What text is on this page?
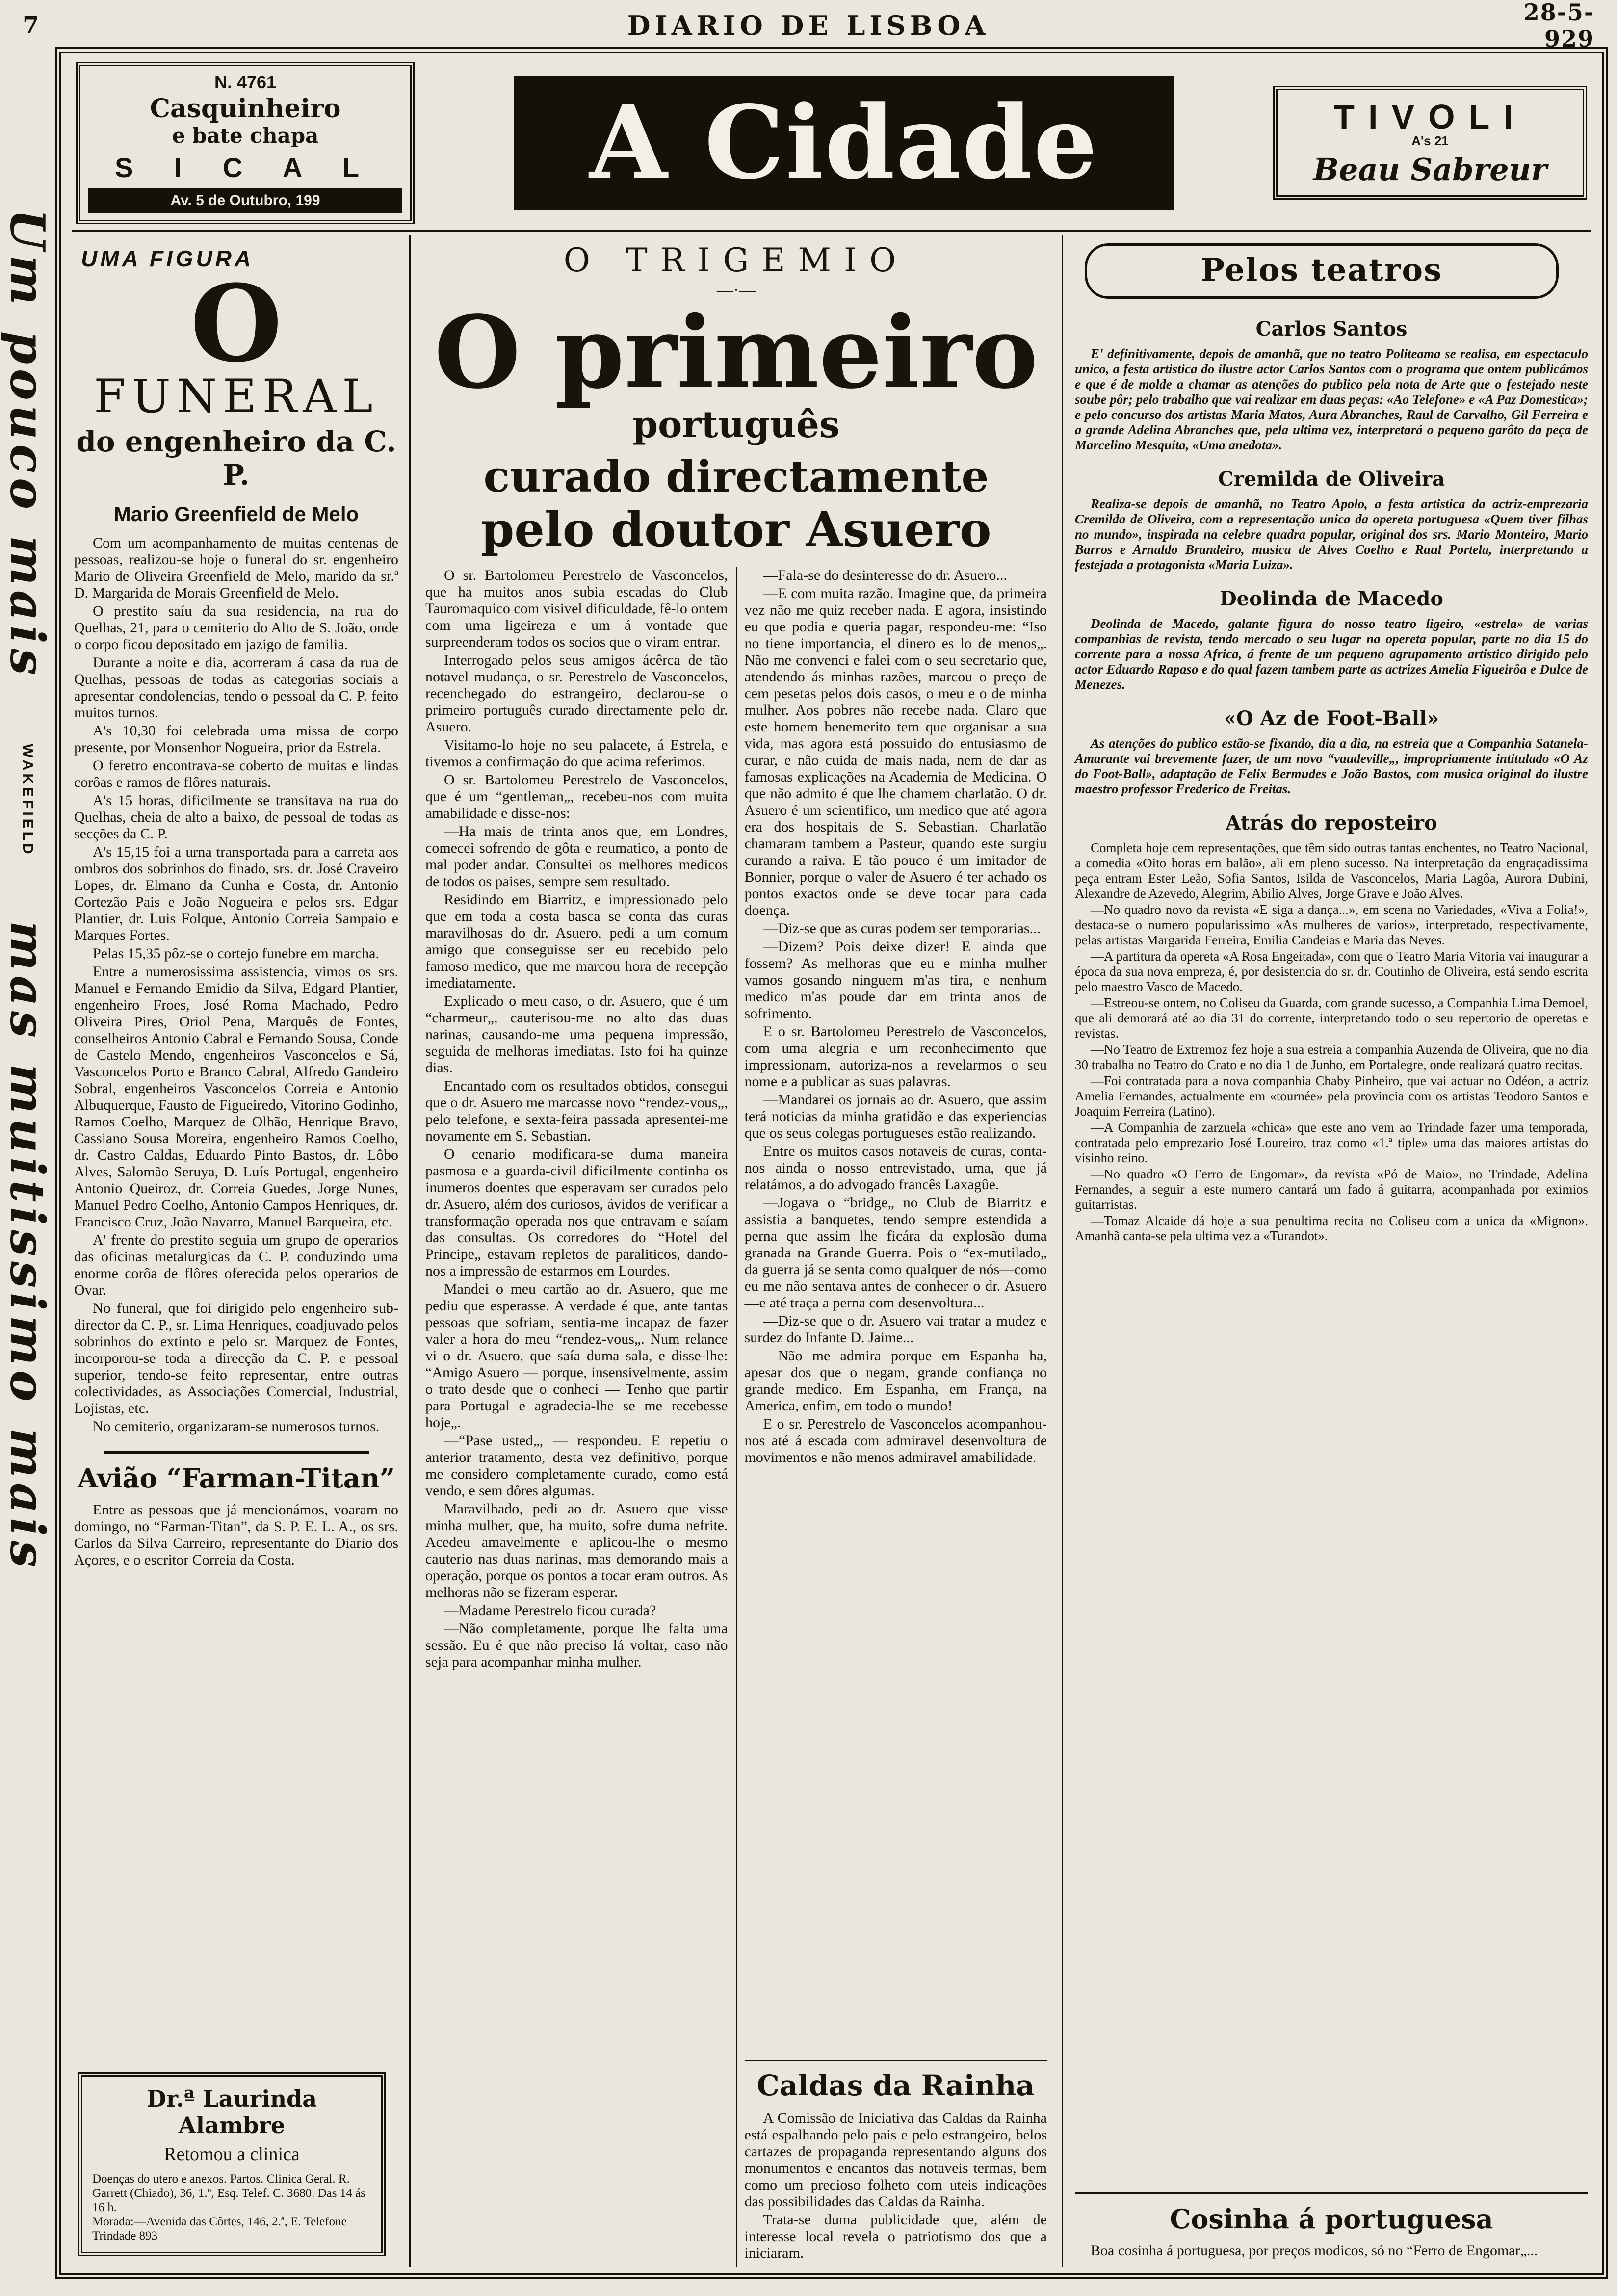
7	DIARIO DE LISBOA	28-5-929
Um pouco mais
WAKEFIELD
mas muitissimo mais
N. 4761
Casquinheiro
e bate chapa
S I C A L
Av. 5 de Outubro, 199	A Cidade	TIVOLI
A's 21
Beau Sabreur
UMA FIGURA
O
FUNERAL
do engenheiro da C. P.
Mario Greenfield de Melo

Com um acompanhamento de muitas centenas de pessoas, realizou-se hoje o funeral do sr. engenheiro Mario de Oliveira Greenfield de Melo, marido da sr.ª D. Margarida de Morais Greenfield de Melo.

O prestito saíu da sua residencia, na rua do Quelhas, 21, para o cemiterio do Alto de S. João, onde o corpo ficou depositado em jazigo de familia.

Durante a noite e dia, acorreram á casa da rua de Quelhas, pessoas de todas as categorias sociais a apresentar condolencias, tendo o pessoal da C. P. feito muitos turnos.

A's 10,30 foi celebrada uma missa de corpo presente, por Monsenhor Nogueira, prior da Estrela.

O feretro encontrava-se coberto de muitas e lindas corôas e ramos de flôres naturais.

A's 15 horas, dificilmente se transitava na rua do Quelhas, cheia de alto a baixo, de pessoal de todas as secções da C. P.

A's 15,15 foi a urna transportada para a carreta aos ombros dos sobrinhos do finado, srs. dr. José Craveiro Lopes, dr. Elmano da Cunha e Costa, dr. Antonio Cortezão Pais e João Nogueira e pelos srs. Edgar Plantier, dr. Luis Folque, Antonio Correia Sampaio e Marques Fortes.

Pelas 15,35 pôz-se o cortejo funebre em marcha.

Entre a numerosissima assistencia, vimos os srs. Manuel e Fernando Emidio da Silva, Edgard Plantier, engenheiro Froes, José Roma Machado, Pedro Oliveira Pires, Oriol Pena, Marquês de Fontes, conselheiros Antonio Cabral e Fernando Sousa, Conde de Castelo Mendo, engenheiros Vasconcelos e Sá, Vasconcelos Porto e Branco Cabral, Alfredo Gandeiro Sobral, engenheiros Vasconcelos Correia e Antonio Albuquerque, Fausto de Figueiredo, Vitorino Godinho, Ramos Coelho, Marquez de Olhão, Henrique Bravo, Cassiano Sousa Moreira, engenheiro Ramos Coelho, dr. Castro Caldas, Eduardo Pinto Bastos, dr. Lôbo Alves, Salomão Seruya, D. Luís Portugal, engenheiro Antonio Queiroz, dr. Correia Guedes, Jorge Nunes, Manuel Pedro Coelho, Antonio Campos Henriques, dr. Francisco Cruz, João Navarro, Manuel Barqueira, etc.

A' frente do prestito seguia um grupo de operarios das oficinas metalurgicas da C. P. conduzindo uma enorme corôa de flôres oferecida pelos operarios de Ovar.

No funeral, que foi dirigido pelo engenheiro sub-director da C. P., sr. Lima Henriques, coadjuvado pelos sobrinhos do extinto e pelo sr. Marquez de Fontes, incorporou-se toda a direcção da C. P. e pessoal superior, tendo-se feito representar, entre outras colectividades, as Associações Comercial, Industrial, Lojistas, etc.

No cemiterio, organizaram-se numerosos turnos.

Avião “Farman-Titan”

Entre as pessoas que já mencionámos, voaram no domingo, no “Farman-Titan”, da S. P. E. L. A., os srs. Carlos da Silva Carreiro, representante do Diario dos Açores, e o escritor Correia da Costa.

Dr.ª Laurinda Alambre
Retomou a clinica

Doenças do utero e anexos. Partos. Clinica Geral. R. Garrett (Chiado), 36, 1.º, Esq. Telef. C. 3680. Das 14 ás 16 h.

Morada:—Avenida das Côrtes, 146, 2.ª, E. Telefone Trindade 893

O TRIGEMIO
—·—
O primeiro
português
curado directamente
pelo doutor Asuero

O sr. Bartolomeu Perestrelo de Vasconcelos, que ha muitos anos subia escadas do Club Tauromaquico com visivel dificuldade, fê-lo ontem com uma ligeireza e um á vontade que surpreenderam todos os socios que o viram entrar.

Interrogado pelos seus amigos ácêrca de tão notavel mudança, o sr. Perestrelo de Vasconcelos, recenchegado do estrangeiro, declarou-se o primeiro português curado directamente pelo dr. Asuero.

Visitamo-lo hoje no seu palacete, á Estrela, e tivemos a confirmação do que acima referimos.

O sr. Bartolomeu Perestrelo de Vasconcelos, que é um “gentleman„, recebeu-nos com muita amabilidade e disse-nos:

—Ha mais de trinta anos que, em Londres, comecei sofrendo de gôta e reumatico, a ponto de mal poder andar. Consultei os melhores medicos de todos os paises, sempre sem resultado.

Residindo em Biarritz, e impressionado pelo que em toda a costa basca se conta das curas maravilhosas do dr. Asuero, pedi a um comum amigo que conseguisse ser eu recebido pelo famoso medico, que me marcou hora de recepção imediatamente.

Explicado o meu caso, o dr. Asuero, que é um “charmeur„, cauterisou-me no alto das duas narinas, causando-me uma pequena impressão, seguida de melhoras imediatas. Isto foi ha quinze dias.

Encantado com os resultados obtidos, consegui que o dr. Asuero me marcasse novo “rendez-vous„, pelo telefone, e sexta-feira passada apresentei-me novamente em S. Sebastian.

O cenario modificara-se duma maneira pasmosa e a guarda-civil dificilmente continha os inumeros doentes que esperavam ser curados pelo dr. Asuero, além dos curiosos, ávidos de verificar a transformação operada nos que entravam e saíam das consultas. Os corredores do “Hotel del Principe„ estavam repletos de paraliticos, dando-nos a impressão de estarmos em Lourdes.

Mandei o meu cartão ao dr. Asuero, que me pediu que esperasse. A verdade é que, ante tantas pessoas que sofriam, sentia-me incapaz de fazer valer a hora do meu “rendez-vous„. Num relance vi o dr. Asuero, que saía duma sala, e disse-lhe: “Amigo Asuero — porque, insensivelmente, assim o trato desde que o conheci — Tenho que partir para Portugal e agradecia-lhe se me recebesse hoje„.

—“Pase usted„, — respondeu. E repetiu o anterior tratamento, desta vez definitivo, porque me considero completamente curado, como está vendo, e sem dôres algumas.

Maravilhado, pedi ao dr. Asuero que visse minha mulher, que, ha muito, sofre duma nefrite. Acedeu amavelmente e aplicou-lhe o mesmo cauterio nas duas narinas, mas demorando mais a operação, porque os pontos a tocar eram outros. As melhoras não se fizeram esperar.

—Madame Perestrelo ficou curada?

—Não completamente, porque lhe falta uma sessão. Eu é que não preciso lá voltar, caso não seja para acompanhar minha mulher.

—Fala-se do desinteresse do dr. Asuero...

—E com muita razão. Imagine que, da primeira vez não me quiz receber nada. E agora, insistindo eu que podia e queria pagar, respondeu-me: “Iso no tiene importancia, el dinero es lo de menos„. Não me convenci e falei com o seu secretario que, atendendo ás minhas razões, marcou o preço de cem pesetas pelos dois casos, o meu e o de minha mulher. Aos pobres não recebe nada. Claro que este homem benemerito tem que organisar a sua vida, mas agora está possuido do entusiasmo de curar, e não cuida de mais nada, nem de dar as famosas explicações na Academia de Medicina. O que não admito é que lhe chamem charlatão. O dr. Asuero é um scientifico, um medico que até agora era dos hospitais de S. Sebastian. Charlatão chamaram tambem a Pasteur, quando este surgiu curando a raiva. E tão pouco é um imitador de Bonnier, porque o valer de Asuero é ter achado os pontos exactos onde se deve tocar para cada doença.

—Diz-se que as curas podem ser temporarias...

—Dizem? Pois deixe dizer! E ainda que fossem? As melhoras que eu e minha mulher vamos gosando ninguem m'as tira, e nenhum medico m'as poude dar em trinta anos de sofrimento.

E o sr. Bartolomeu Perestrelo de Vasconcelos, com uma alegria e um reconhecimento que impressionam, autoriza-nos a revelarmos o seu nome e a publicar as suas palavras.

—Mandarei os jornais ao dr. Asuero, que assim terá noticias da minha gratidão e das experiencias que os seus colegas portugueses estão realizando.

Entre os muitos casos notaveis de curas, conta-nos ainda o nosso entrevistado, uma, que já relatámos, a do advogado francês Laxagûe.

—Jogava o “bridge„ no Club de Biarritz e assistia a banquetes, tendo sempre estendida a perna que assim lhe ficára da explosão duma granada na Grande Guerra. Pois o “ex-mutilado„ da guerra já se senta como qualquer de nós—como eu me não sentava antes de conhecer o dr. Asuero—e até traça a perna com desenvoltura...

—Diz-se que o dr. Asuero vai tratar a mudez e surdez do Infante D. Jaime...

—Não me admira porque em Espanha ha, apesar dos que o negam, grande confiança no grande medico. Em Espanha, em França, na America, enfim, em todo o mundo!

E o sr. Perestrelo de Vasconcelos acompanhou-nos até á escada com admiravel desenvoltura de movimentos e não menos admiravel amabilidade.

Caldas da Rainha

A Comissão de Iniciativa das Caldas da Rainha está espalhando pelo pais e pelo estrangeiro, belos cartazes de propaganda representando alguns dos monumentos e encantos das notaveis termas, bem como um precioso folheto com uteis indicações das possibilidades das Caldas da Rainha.

Trata-se duma publicidade que, além de interesse local revela o patriotismo dos que a iniciaram.

Pelos teatros
Carlos Santos

E' definitivamente, depois de amanhã, que no teatro Politeama se realisa, em espectaculo unico, a festa artistica do ilustre actor Carlos Santos com o programa que ontem publicámos e que é de molde a chamar as atenções do publico pela nota de Arte que o festejado neste soube pôr; pelo trabalho que vai realizar em duas peças: «Ao Telefone» e «A Paz Domestica»; e pelo concurso dos artistas Maria Matos, Aura Abranches, Raul de Carvalho, Gil Ferreira e a grande Adelina Abranches que, pela ultima vez, interpretará o pequeno garôto da peça de Marcelino Mesquita, «Uma anedota».

Cremilda de Oliveira

Realiza-se depois de amanhã, no Teatro Apolo, a festa artistica da actriz-emprezaria Cremilda de Oliveira, com a representação unica da opereta portuguesa «Quem tiver filhas no mundo», inspirada na celebre quadra popular, original dos srs. Mario Monteiro, Mario Barros e Arnaldo Brandeiro, musica de Alves Coelho e Raul Portela, interpretando a festejada a protagonista «Maria Luiza».

Deolinda de Macedo

Deolinda de Macedo, galante figura do nosso teatro ligeiro, «estrela» de varias companhias de revista, tendo mercado o seu lugar na opereta popular, parte no dia 15 do corrente para a nossa Africa, á frente de um pequeno agrupamento artistico dirigido pelo actor Eduardo Rapaso e do qual fazem tambem parte as actrizes Amelia Figueirôa e Dulce de Menezes.

«O Az de Foot-Ball»

As atenções do publico estão-se fixando, dia a dia, na estreia que a Companhia Satanela-Amarante vai brevemente fazer, de um novo “vaudeville„, impropriamente intitulado «O Az do Foot-Ball», adaptação de Felix Bermudes e João Bastos, com musica original do ilustre maestro professor Frederico de Freitas.

Atrás do reposteiro

Completa hoje cem representações, que têm sido outras tantas enchentes, no Teatro Nacional, a comedia «Oito horas em balão», ali em pleno sucesso. Na interpretação da engraçadissima peça entram Ester Leão, Sofia Santos, Isilda de Vasconcelos, Maria Lagôa, Aurora Dubini, Alexandre de Azevedo, Alegrim, Abilio Alves, Jorge Grave e João Alves.

—No quadro novo da revista «E siga a dança...», em scena no Variedades, «Viva a Folia!», destaca-se o numero popularissimo «As mulheres de varios», interpretado, respectivamente, pelas artistas Margarida Ferreira, Emilia Candeias e Maria das Neves.

—A partitura da opereta «A Rosa Engeitada», com que o Teatro Maria Vitoria vai inaugurar a época da sua nova empreza, é, por desistencia do sr. dr. Coutinho de Oliveira, está sendo escrita pelo maestro Vasco de Macedo.

—Estreou-se ontem, no Coliseu da Guarda, com grande sucesso, a Companhia Lima Demoel, que ali demorará até ao dia 31 do corrente, interpretando todo o seu repertorio de operetas e revistas.

—No Teatro de Extremoz fez hoje a sua estreia a companhia Auzenda de Oliveira, que no dia 30 trabalha no Teatro do Crato e no dia 1 de Junho, em Portalegre, onde realizará quatro recitas.

—Foi contratada para a nova companhia Chaby Pinheiro, que vai actuar no Odéon, a actriz Amelia Fernandes, actualmente em «tournée» pela provincia com os artistas Teodoro Santos e Joaquim Ferreira (Latino).

—A Companhia de zarzuela «chica» que este ano vem ao Trindade fazer uma temporada, contratada pelo emprezario José Loureiro, traz como «1.ª tiple» uma das maiores artistas do visinho reino.

—No quadro «O Ferro de Engomar», da revista «Pó de Maio», no Trindade, Adelina Fernandes, a seguir a este numero cantará um fado á guitarra, acompanhada por eximios guitarristas.

—Tomaz Alcaide dá hoje a sua penultima recita no Coliseu com a unica da «Mignon». Amanhã canta-se pela ultima vez a «Turandot».

Cosinha á portuguesa

Boa cosinha á portuguesa, por preços modicos, só no “Ferro de Engomar„...
